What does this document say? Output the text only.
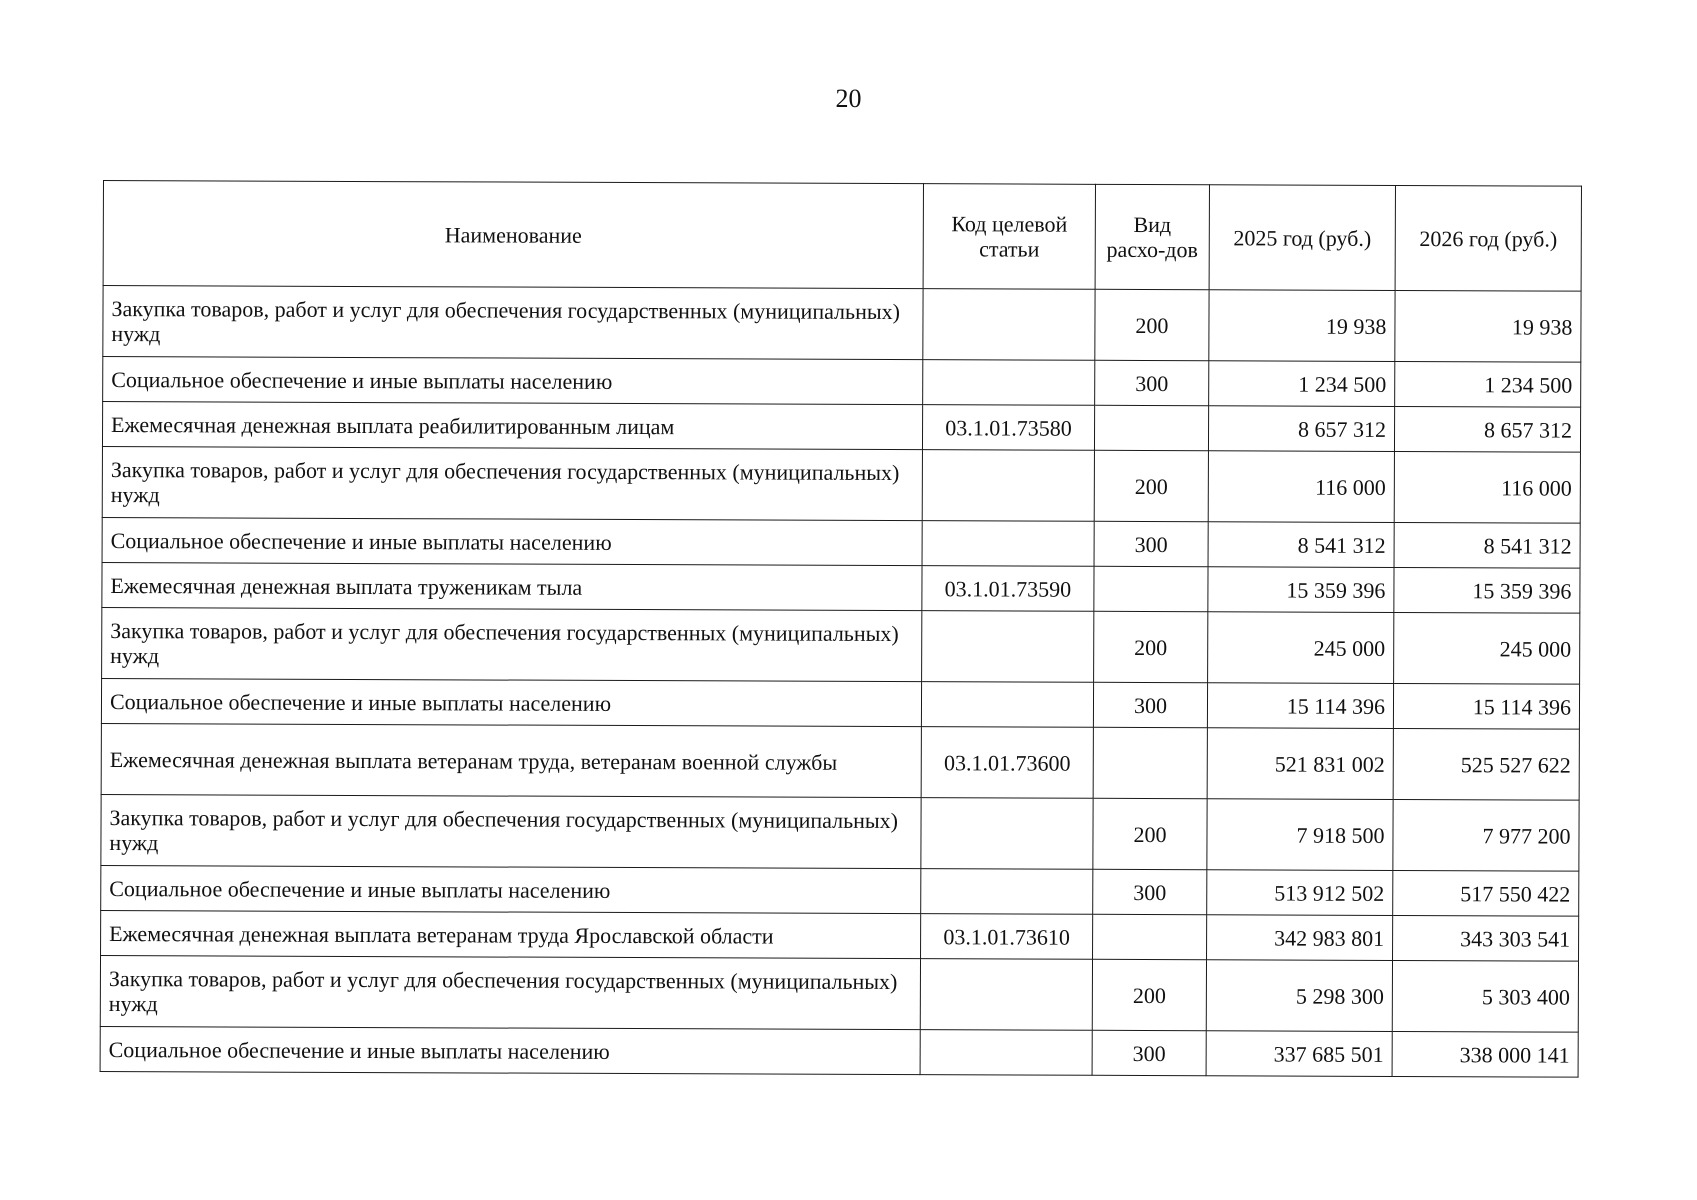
20
Наименование	Код целевой статьи	Вид расхо-дов	2025 год (руб.)	2026 год (руб.)
Закупка товаров, работ и услуг для обеспечения государственных (муниципальных) нужд		200	19 938	19 938
Социальное обеспечение и иные выплаты населению		300	1 234 500	1 234 500
Ежемесячная денежная выплата реабилитированным лицам	03.1.01.73580		8 657 312	8 657 312
Закупка товаров, работ и услуг для обеспечения государственных (муниципальных) нужд		200	116 000	116 000
Социальное обеспечение и иные выплаты населению		300	8 541 312	8 541 312
Ежемесячная денежная выплата труженикам тыла	03.1.01.73590		15 359 396	15 359 396
Закупка товаров, работ и услуг для обеспечения государственных (муниципальных) нужд		200	245 000	245 000
Социальное обеспечение и иные выплаты населению		300	15 114 396	15 114 396
Ежемесячная денежная выплата ветеранам труда, ветеранам военной службы	03.1.01.73600		521 831 002	525 527 622
Закупка товаров, работ и услуг для обеспечения государственных (муниципальных) нужд		200	7 918 500	7 977 200
Социальное обеспечение и иные выплаты населению		300	513 912 502	517 550 422
Ежемесячная денежная выплата ветеранам труда Ярославской области	03.1.01.73610		342 983 801	343 303 541
Закупка товаров, работ и услуг для обеспечения государственных (муниципальных) нужд		200	5 298 300	5 303 400
Социальное обеспечение и иные выплаты населению		300	337 685 501	338 000 141
